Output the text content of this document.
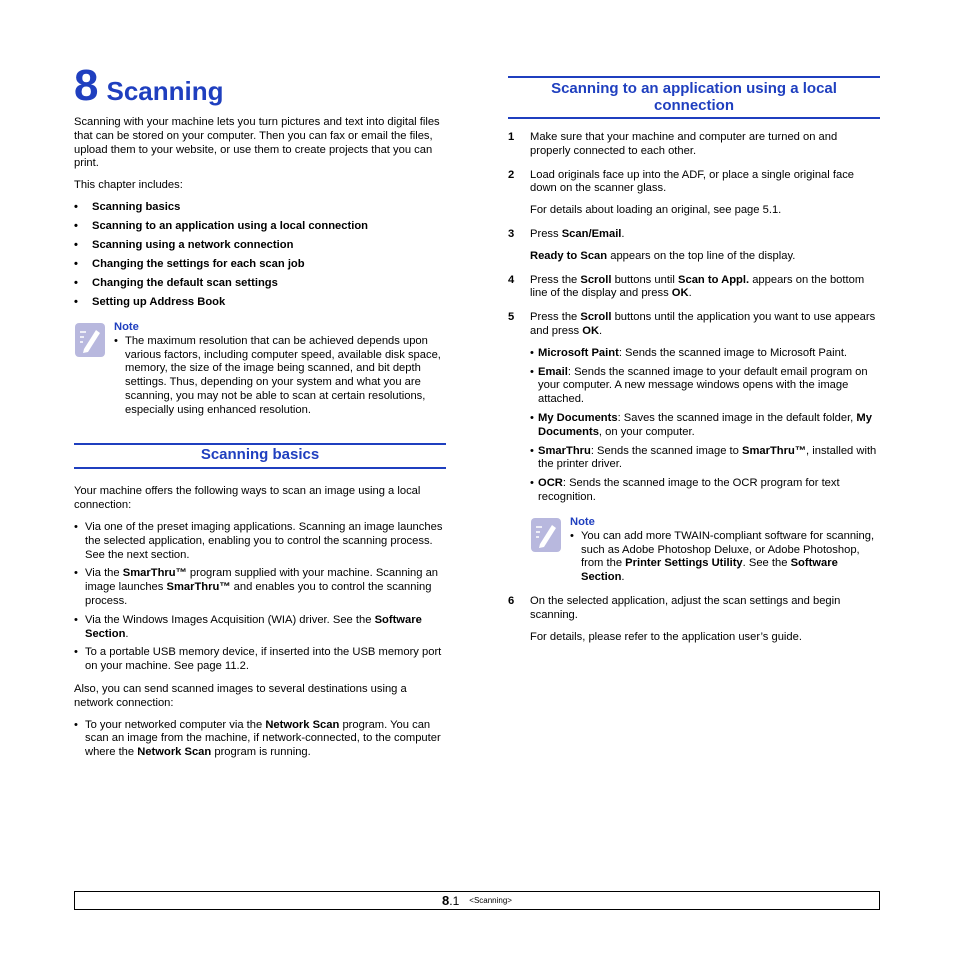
8 Scanning

Scanning with your machine lets you turn pictures and text into digital files that can be stored on your computer. Then you can fax or email the files, upload them to your website, or use them to create projects that you can print.

This chapter includes:

• Scanning basics
• Scanning to an application using a local connection
• Scanning using a network connection
• Changing the settings for each scan job
• Changing the default scan settings
• Setting up Address Book
Note
• The maximum resolution that can be achieved depends upon various factors, including computer speed, available disk space, memory, the size of the image being scanned, and bit depth settings. Thus, depending on your system and what you are scanning, you may not be able to scan at certain resolutions, especially using enhanced resolution.
Scanning basics

Your machine offers the following ways to scan an image using a local connection:

• Via one of the preset imaging applications. Scanning an image launches the selected application, enabling you to control the scanning process. See the next section.
• Via the SmarThru™ program supplied with your machine. Scanning an image launches SmarThru™ and enables you to control the scanning process.
• Via the Windows Images Acquisition (WIA) driver. See the Software Section.
• To a portable USB memory device, if inserted into the USB memory port on your machine. See page 11.2.

Also, you can send scanned images to several destinations using a network connection:

• To your networked computer via the Network Scan program. You can scan an image from the machine, if network-connected, to the computer where the Network Scan program is running.
Scanning to an application using a local connection
1 Make sure that your machine and computer are turned on and properly connected to each other.

2 Load originals face up into the ADF, or place a single original face down on the scanner glass.

For details about loading an original, see page 5.1.

3 Press Scan/Email.

Ready to Scan appears on the top line of the display.

4 Press the Scroll buttons until Scan to Appl. appears on the bottom line of the display and press OK.

5 Press the Scroll buttons until the application you want to use appears and press OK.

• Microsoft Paint: Sends the scanned image to Microsoft Paint.
• Email: Sends the scanned image to your default email program on your computer. A new message windows opens with the image attached.
• My Documents: Saves the scanned image in the default folder, My Documents, on your computer.
• SmarThru: Sends the scanned image to SmarThru™, installed with the printer driver.
• OCR: Sends the scanned image to the OCR program for text recognition.
Note
• You can add more TWAIN-compliant software for scanning, such as Adobe Photoshop Deluxe, or Adobe Photoshop, from the Printer Settings Utility. See the Software Section.
6 On the selected application, adjust the scan settings and begin scanning.

For details, please refer to the application user’s guide.

8.1 <Scanning>
